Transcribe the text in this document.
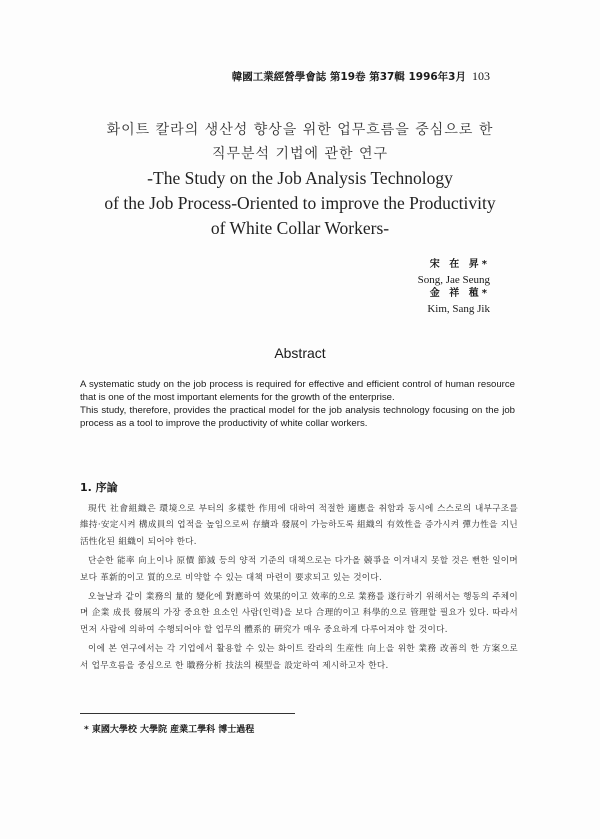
韓國工業經營學會誌 第19卷 第37輯 1996年3月 103
화이트 칼라의 생산성 향상을 위한 업무흐름을 중심으로 한
직무분석 기법에 관한 연구
-The Study on the Job Analysis Technology
of the Job Process-Oriented to improve the Productivity
of White Collar Workers-
宋 在 昇*
Song, Jae Seung
金 祥 稙*
Kim, Sang Jik
Abstract

A systematic study on the job process is required for effective and efficient control of human resource that is one of the most important elements for the growth of the enterprise.

This study, therefore, provides the practical model for the job analysis technology focusing on the job process as a tool to improve the productivity of white collar workers.

1. 序論

現代 社會組織은 環境으로 부터의 多樣한 作用에 대하여 적절한 適應을 취함과 동시에 스스로의 내부구조를 維持·安定시켜 構成員의 업적을 높임으로써 存續과 發展이 가능하도록 組織의 有效性을 증가시켜 彈力性을 지닌 活性化된 組織이 되어야 한다.

단순한 能率 向上이나 原價 節減 등의 양적 기준의 대책으로는 다가올 競爭을 이겨내지 못할 것은 뻔한 일이며 보다 革新的이고 質的으로 비약할 수 있는 대책 마련이 要求되고 있는 것이다.

오늘날과 같이 業務의 量的 變化에 對應하여 效果的이고 效率的으로 業務를 遂行하기 위해서는 행동의 주체이며 企業 成長 發展의 가장 중요한 요소인 사람(인력)을 보다 合理的이고 科學的으로 管理할 필요가 있다. 따라서 먼저 사람에 의하여 수행되어야 할 업무의 體系的 硏究가 매우 중요하게 다루어져야 할 것이다.

이에 본 연구에서는 각 기업에서 활용할 수 있는 화이트 칼라의 生産性 向上을 위한 業務 改善의 한 方案으로서 업무흐름을 중심으로 한 職務分析 技法의 模型을 設定하여 제시하고자 한다.

* 東國大學校 大學院 産業工學科 博士過程
